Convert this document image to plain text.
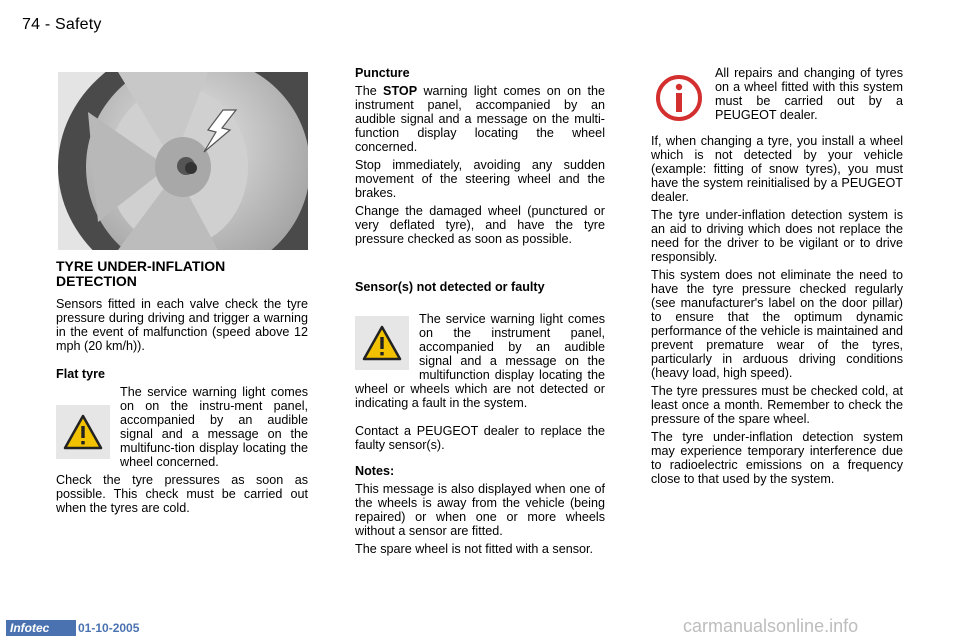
74 - Safety
TYRE UNDER-INFLATION DETECTION

Sensors fitted in each valve check the tyre pressure during driving and trigger a warning in the event of malfunction (speed above 12 mph (20 km/h)).

Flat tyre

The service warning light comes on on the instru-ment panel, accompanied by an audible signal and a message on the multifunc-tion display locating the wheel concerned.

Check the tyre pressures as soon as possible. This check must be carried out when the tyres are cold.

Puncture

The STOP warning light comes on on the instrument panel, accompanied by an audible signal and a message on the multi-function display locating the wheel concerned.

Stop immediately, avoiding any sudden movement of the steering wheel and the brakes.

Change the damaged wheel (punctured or very deflated tyre), and have the tyre pressure checked as soon as possible.

Sensor(s) not detected or faulty

The service warning light comes on the instrument panel, accompanied by an audible signal and a message on the multifunction display locating the wheel or wheels which are not detected or indicating a fault in the system.

Contact a PEUGEOT dealer to replace the faulty sensor(s).

Notes:

This message is also displayed when one of the wheels is away from the vehicle (being repaired) or when one or more wheels without a sensor are fitted.

The spare wheel is not fitted with a sensor.

All repairs and changing of tyres on a wheel fitted with this system must be carried out by a PEUGEOT dealer.

If, when changing a tyre, you install a wheel which is not detected by your vehicle (example: fitting of snow tyres), you must have the system reinitialised by a PEUGEOT dealer.

The tyre under-inflation detection system is an aid to driving which does not replace the need for the driver to be vigilant or to drive responsibly.

This system does not eliminate the need to have the tyre pressure checked regularly (see manufacturer's label on the door pillar) to ensure that the optimum dynamic performance of the vehicle is maintained and prevent premature wear of the tyres, particularly in arduous driving conditions (heavy load, high speed).

The tyre pressures must be checked cold, at least once a month. Remember to check the pressure of the spare wheel.

The tyre under-inflation detection system may experience temporary interference due to radioelectric emissions on a frequency close to that used by the system.

Infotec	01-10-2005	carmanualsonline.info
